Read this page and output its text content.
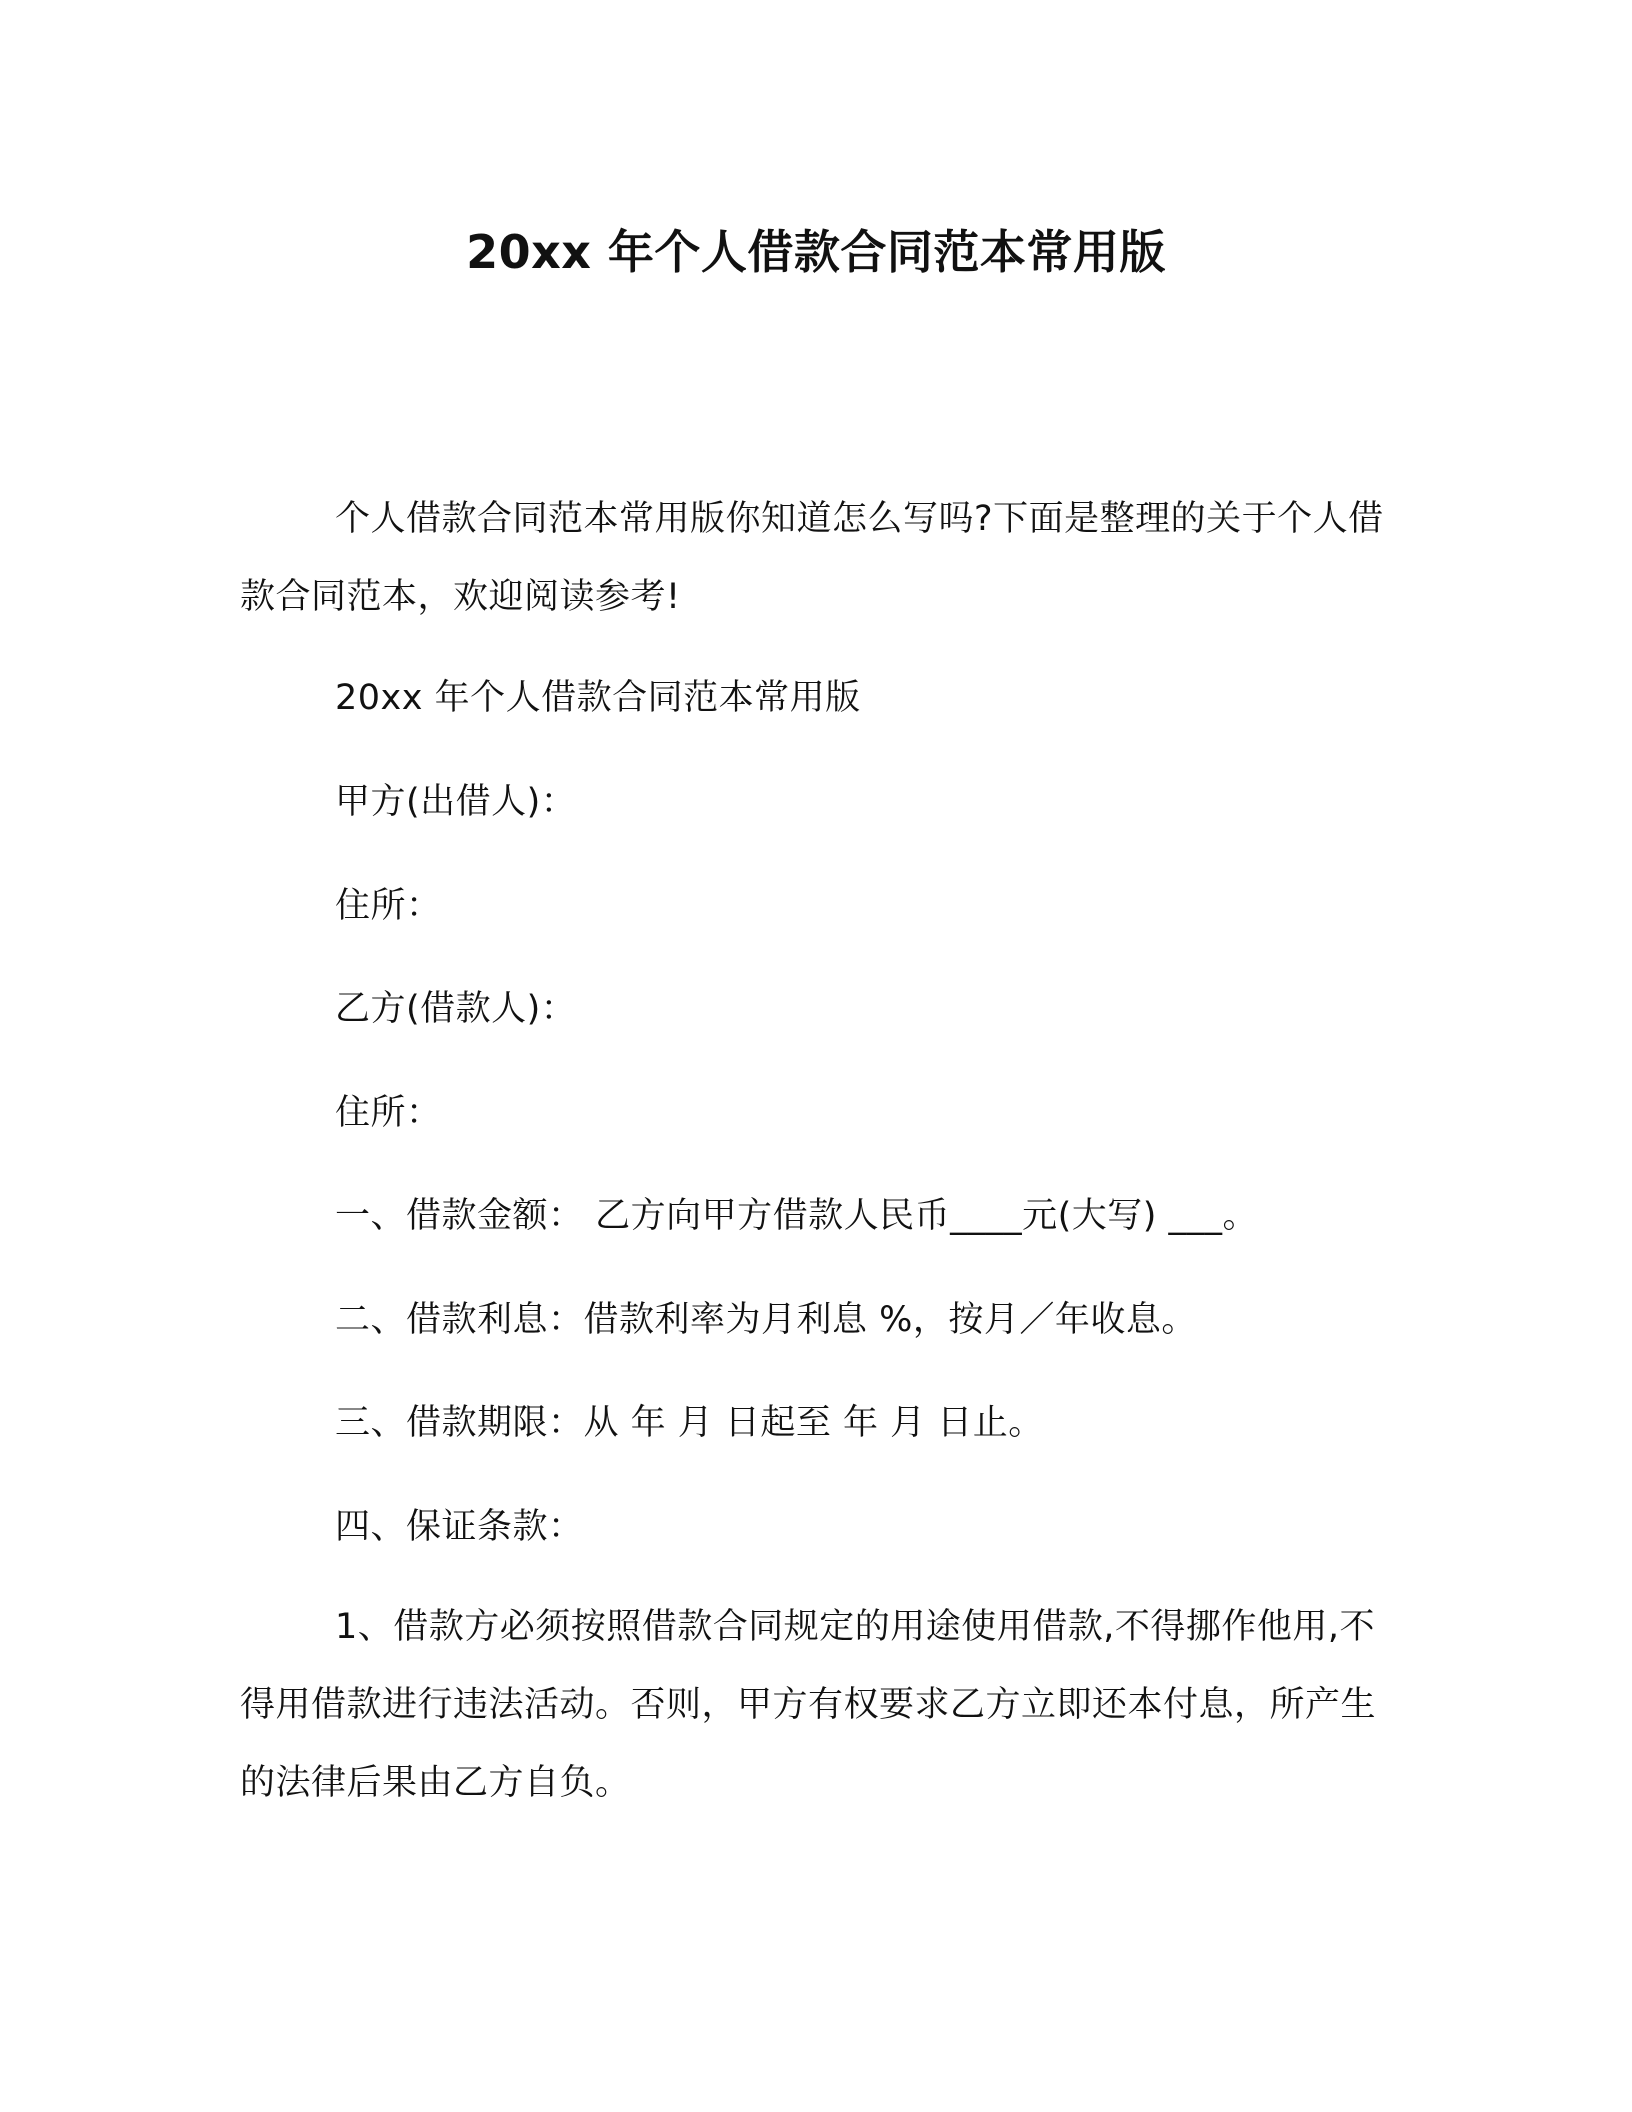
20xx 年个人借款合同范本常用版
个人借款合同范本常用版你知道怎么写吗?下面是整理的关于个人借款合同范本，欢迎阅读参考!
20xx 年个人借款合同范本常用版
甲方(出借人)：
住所：
乙方(借款人)：
住所：
一、借款金额： 乙方向甲方借款人民币____元(大写) ___。
二、借款利息：借款利率为月利息 %，按月／年收息。
三、借款期限：从 年 月 日起至 年 月 日止。
四、保证条款：
1、借款方必须按照借款合同规定的用途使用借款,不得挪作他用,不得用借款进行违法活动。否则，甲方有权要求乙方立即还本付息，所产生的法律后果由乙方自负。
